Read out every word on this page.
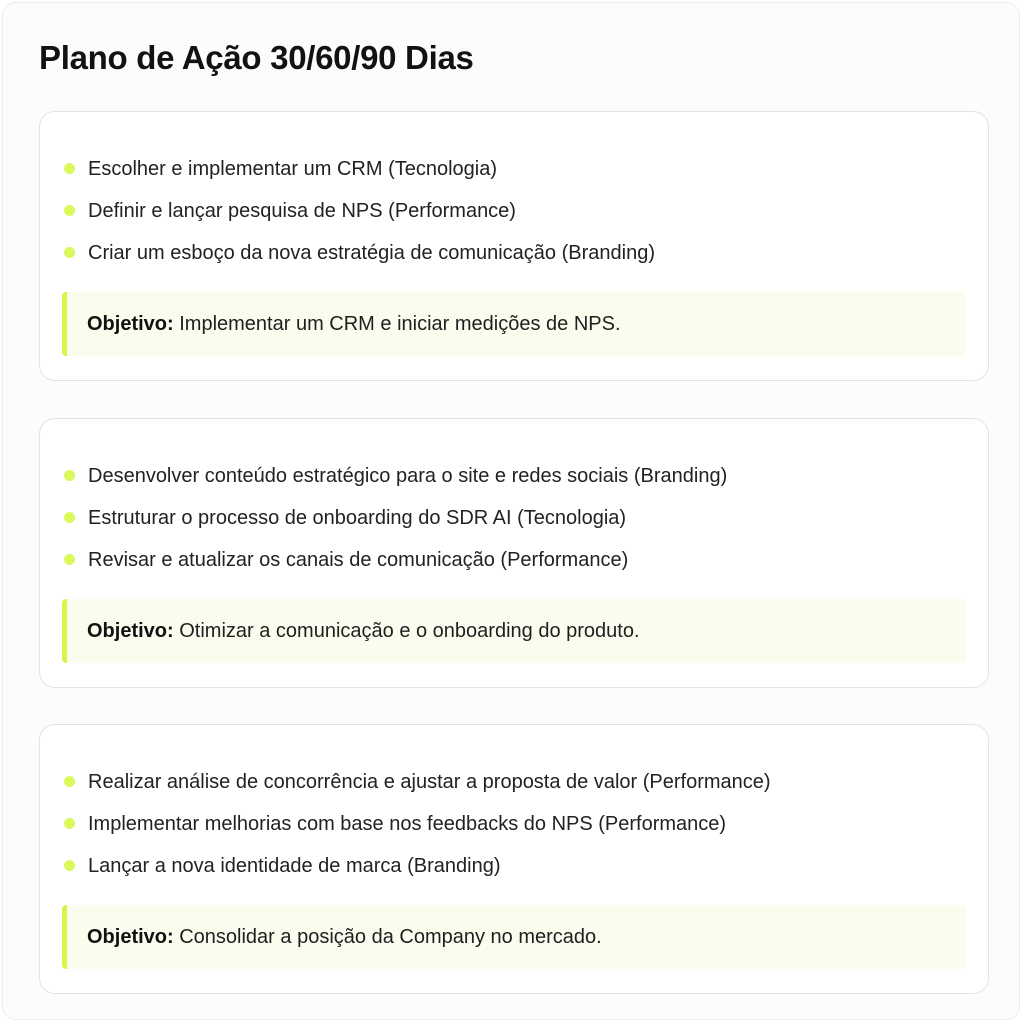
Plano de Ação 30/60/90 Dias
Escolher e implementar um CRM (Tecnologia)
Definir e lançar pesquisa de NPS (Performance)
Criar um esboço da nova estratégia de comunicação (Branding)
Objetivo: Implementar um CRM e iniciar medições de NPS.
Desenvolver conteúdo estratégico para o site e redes sociais (Branding)
Estruturar o processo de onboarding do SDR AI (Tecnologia)
Revisar e atualizar os canais de comunicação (Performance)
Objetivo: Otimizar a comunicação e o onboarding do produto.
Realizar análise de concorrência e ajustar a proposta de valor (Performance)
Implementar melhorias com base nos feedbacks do NPS (Performance)
Lançar a nova identidade de marca (Branding)
Objetivo: Consolidar a posição da Company no mercado.
